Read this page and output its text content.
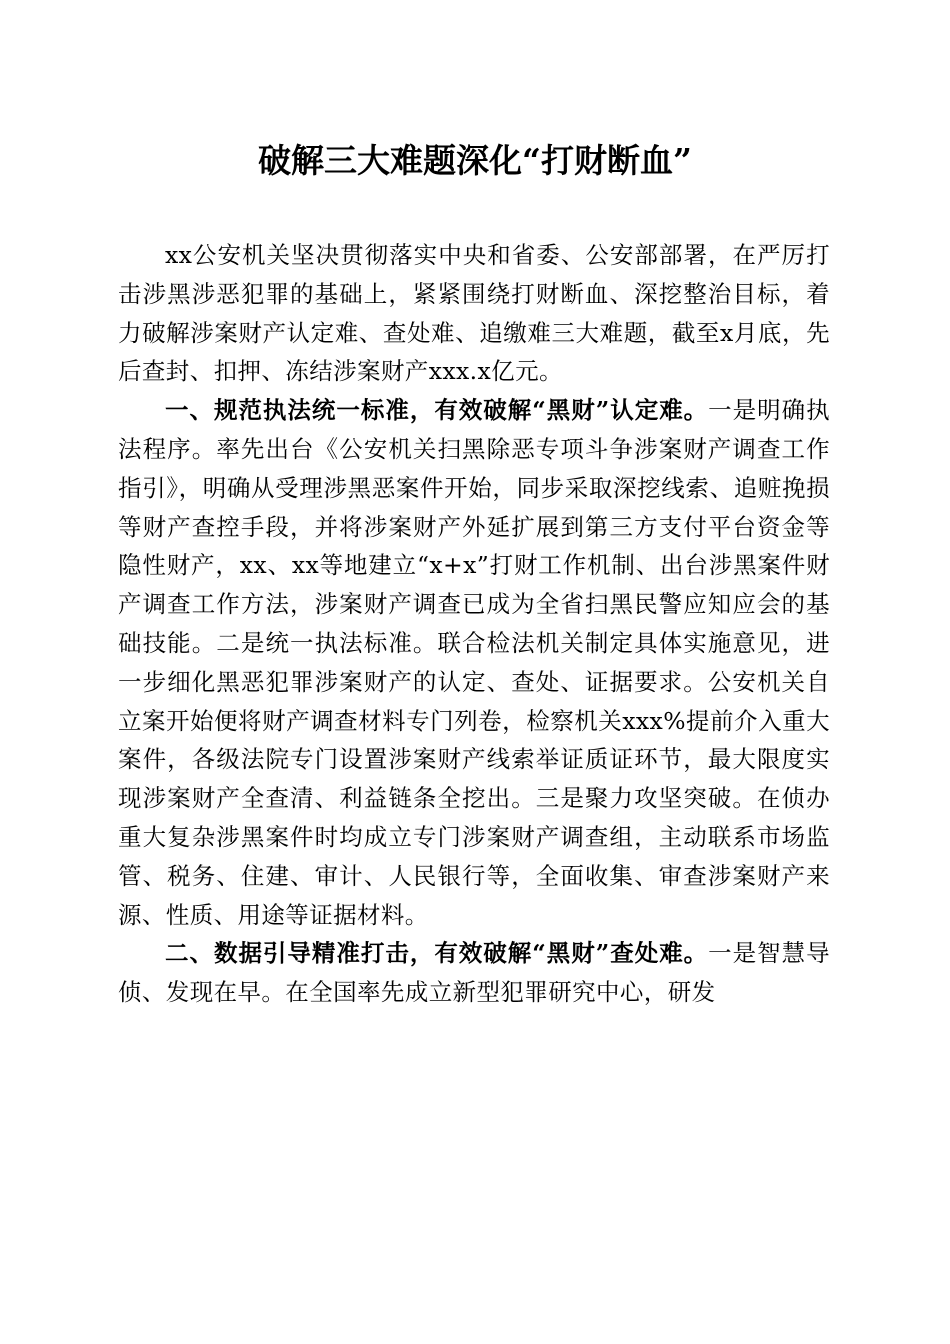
破解三大难题深化“打财断血”

xx公安机关坚决贯彻落实中央和省委、公安部部署，在严厉打击涉黑涉恶犯罪的基础上，紧紧围绕打财断血、深挖整治目标，着力破解涉案财产认定难、查处难、追缴难三大难题，截至x月底，先后查封、扣押、冻结涉案财产xxx.x亿元。

一、规范执法统一标准，有效破解“黑财”认定难。一是明确执法程序。率先出台《公安机关扫黑除恶专项斗争涉案财产调查工作指引》，明确从受理涉黑恶案件开始，同步采取深挖线索、追赃挽损等财产查控手段，并将涉案财产外延扩展到第三方支付平台资金等隐性财产，xx、xx等地建立“x+x”打财工作机制、出台涉黑案件财产调查工作方法，涉案财产调查已成为全省扫黑民警应知应会的基础技能。二是统一执法标准。联合检法机关制定具体实施意见，进一步细化黑恶犯罪涉案财产的认定、查处、证据要求。公安机关自立案开始便将财产调查材料专门列卷，检察机关xxx%提前介入重大案件，各级法院专门设置涉案财产线索举证质证环节，最大限度实现涉案财产全查清、利益链条全挖出。三是聚力攻坚突破。在侦办重大复杂涉黑案件时均成立专门涉案财产调查组，主动联系市场监管、税务、住建、审计、人民银行等，全面收集、审查涉案财产来源、性质、用途等证据材料。

二、数据引导精准打击，有效破解“黑财”查处难。一是智慧导侦、发现在早。在全国率先成立新型犯罪研究中心，研发
